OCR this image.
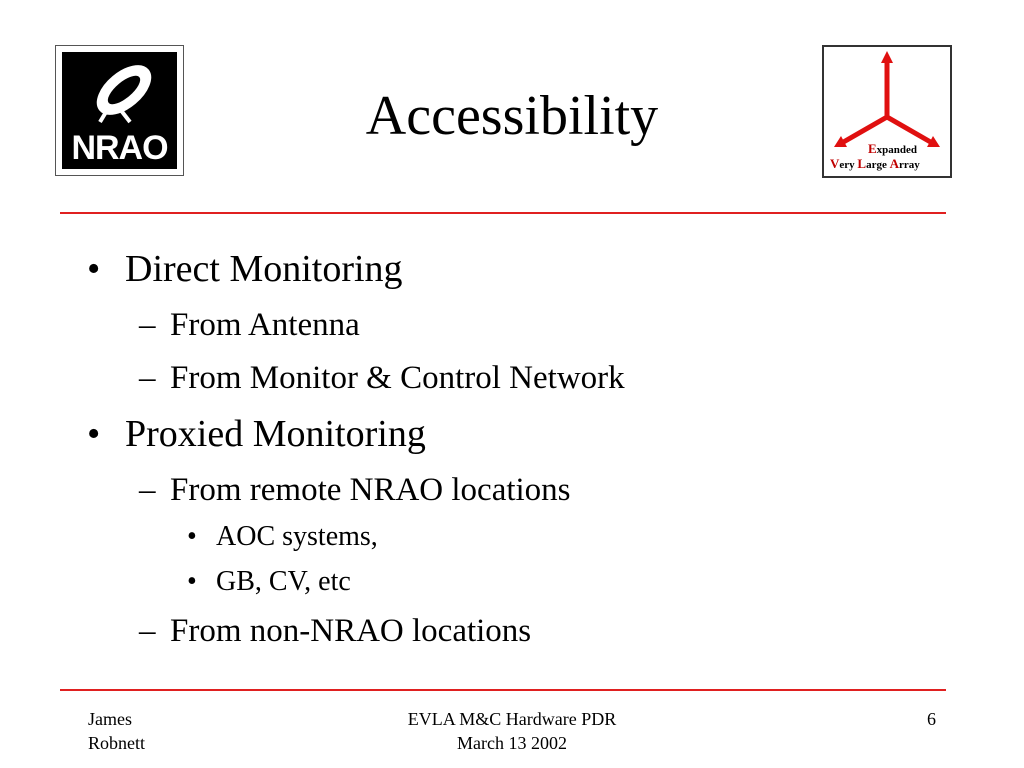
NRAO
Accessibility
Expanded
Very Large Array
• Direct Monitoring
– From Antenna
– From Monitor & Control Network
• Proxied Monitoring
– From remote NRAO locations
• AOC systems,
• GB, CV, etc
– From non-NRAO locations
James
Robnett
EVLA M&C Hardware PDR
March 13 2002
6
